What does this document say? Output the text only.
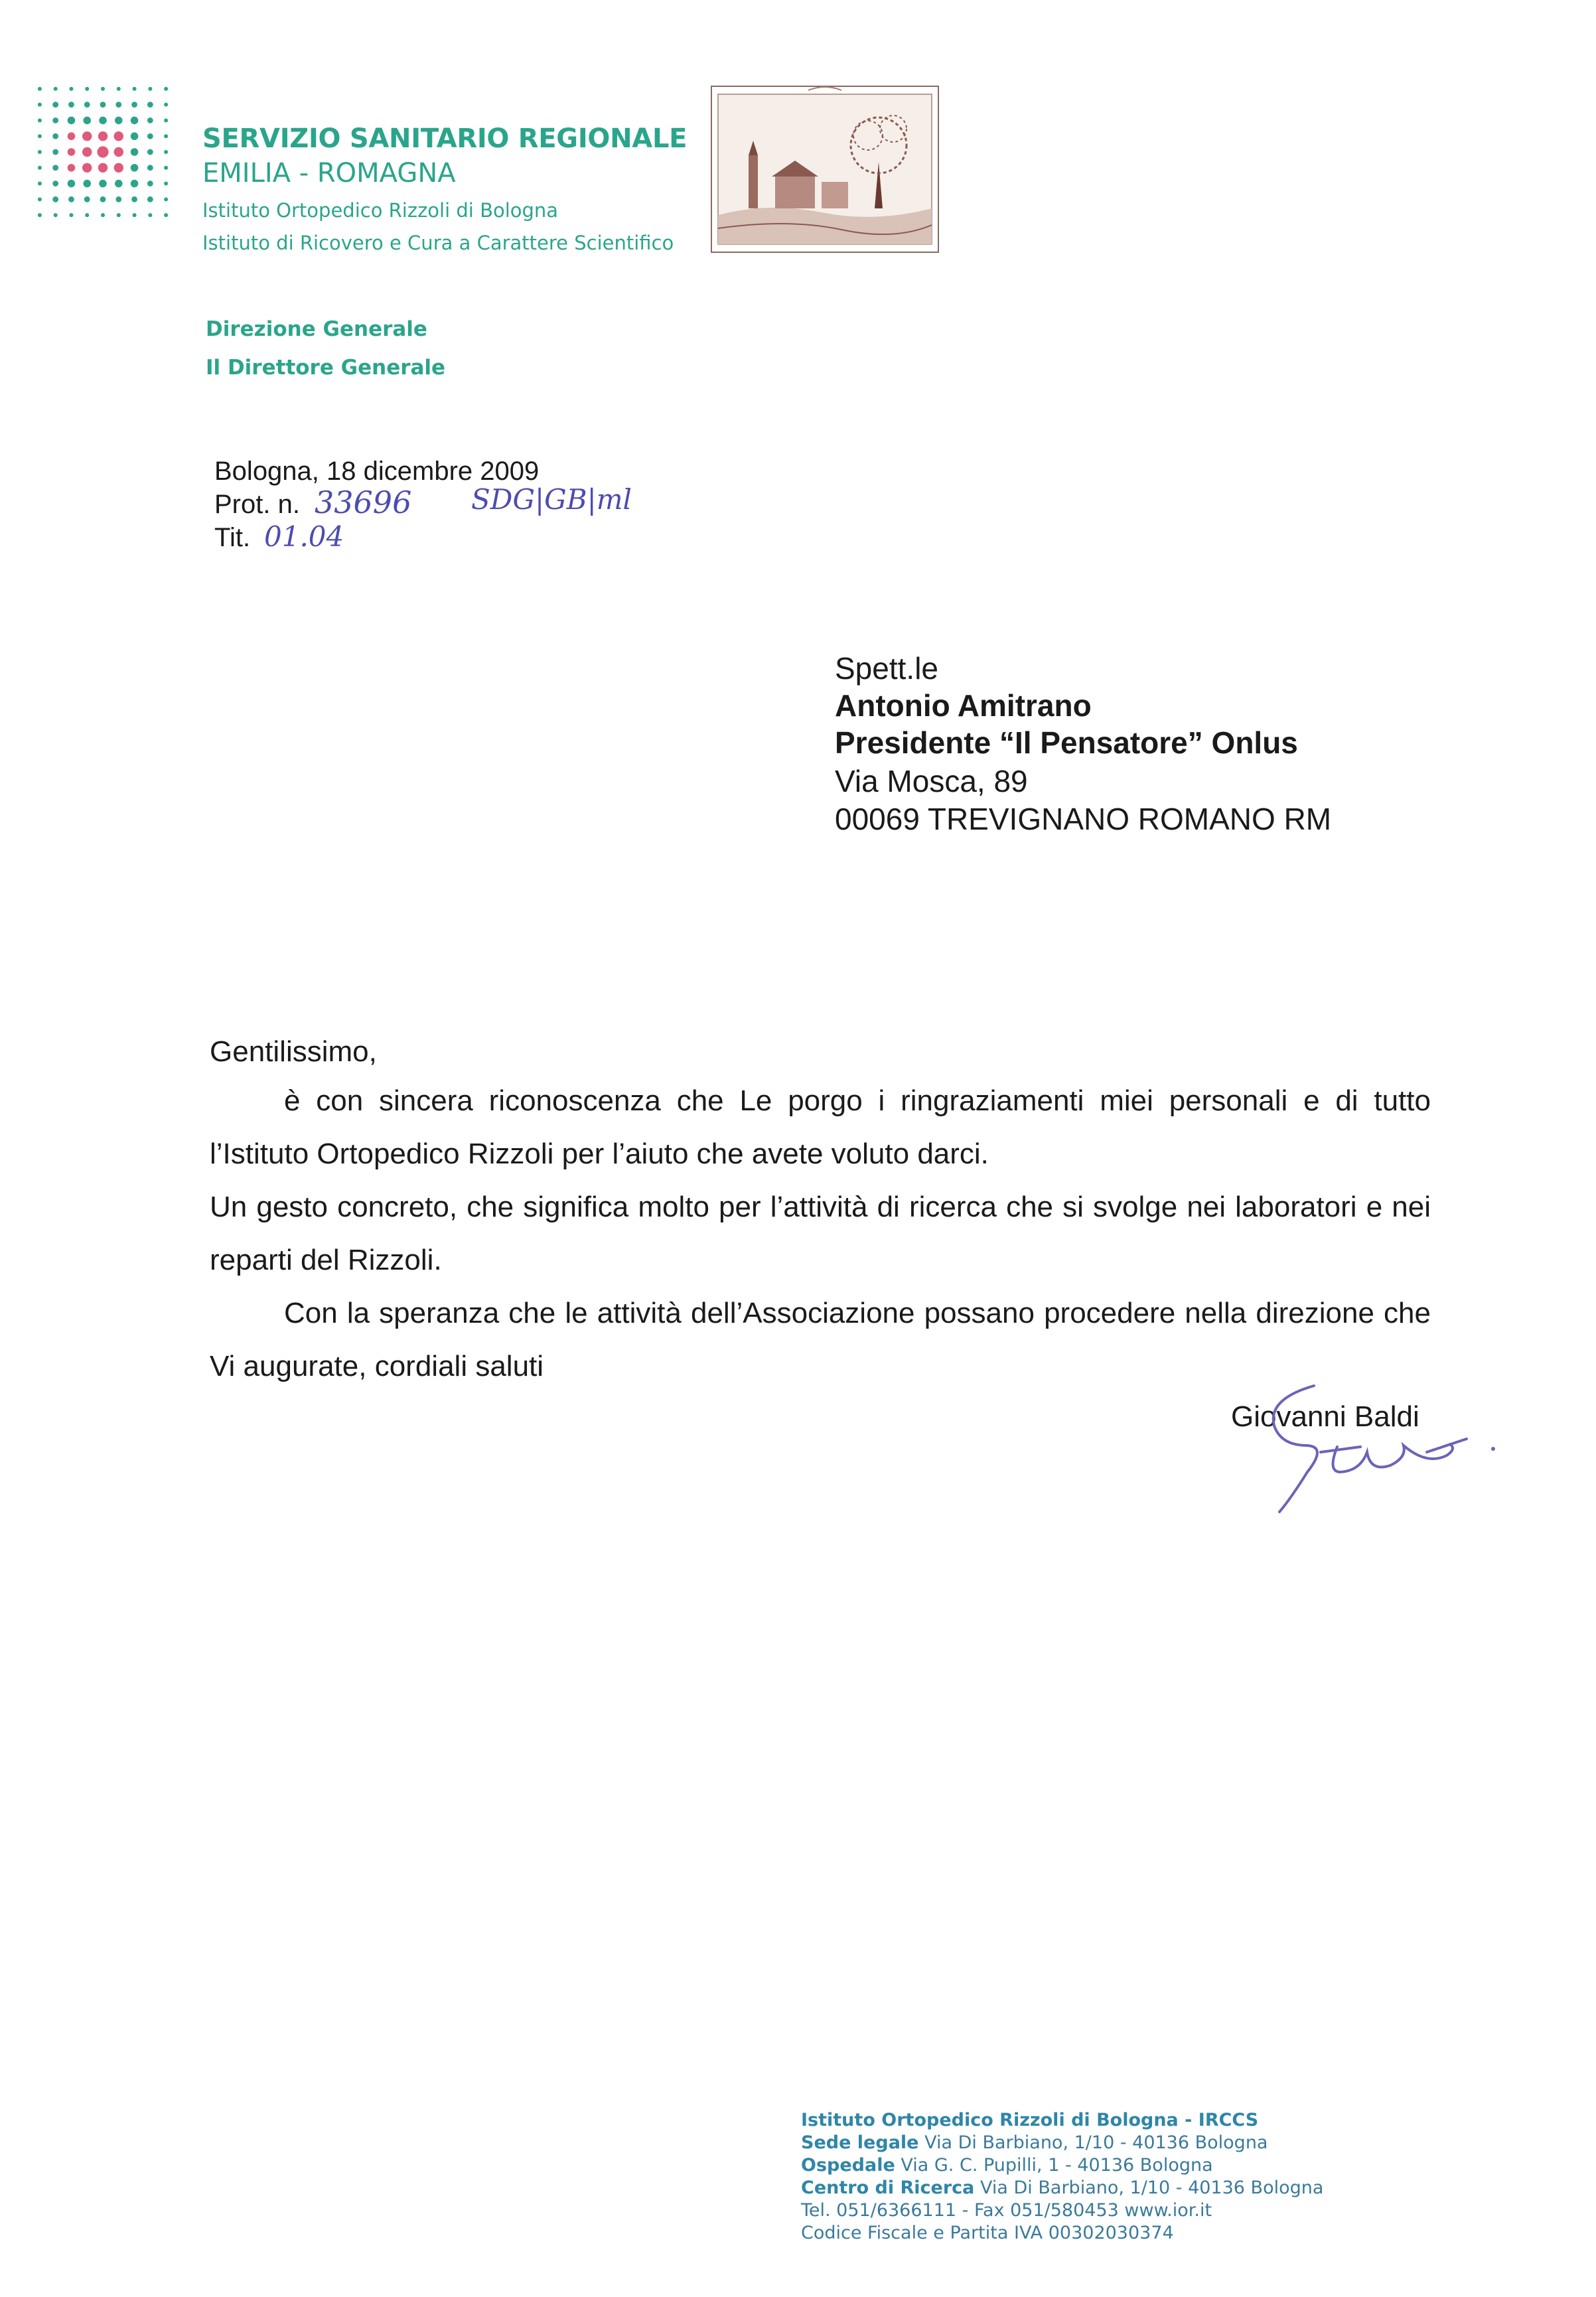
SERVIZIO SANITARIO REGIONALE
EMILIA - ROMAGNA
Istituto Ortopedico Rizzoli di Bologna
Istituto di Ricovero e Cura a Carattere Scientifico
Direzione Generale
Il Direttore Generale
Bologna, 18 dicembre 2009
Prot. n. 33696 SDG|GB|ml
Tit. 01.04
Spett.le
Antonio Amitrano
Presidente “Il Pensatore” Onlus
Via Mosca, 89
00069 TREVIGNANO ROMANO RM
Gentilissimo,
è con sincera riconoscenza che Le porgo i ringraziamenti miei personali e di tutto l’Istituto Ortopedico Rizzoli per l’aiuto che avete voluto darci.
Un gesto concreto, che significa molto per l’attività di ricerca che si svolge nei laboratori e nei reparti del Rizzoli.
Con la speranza che le attività dell’Associazione possano procedere nella direzione che Vi augurate, cordiali saluti
Giovanni Baldi
Istituto Ortopedico Rizzoli di Bologna - IRCCS
Sede legale Via Di Barbiano, 1/10 - 40136 Bologna
Ospedale Via G. C. Pupilli, 1 - 40136 Bologna
Centro di Ricerca Via Di Barbiano, 1/10 - 40136 Bologna
Tel. 051/6366111 - Fax 051/580453 www.ior.it
Codice Fiscale e Partita IVA 00302030374
